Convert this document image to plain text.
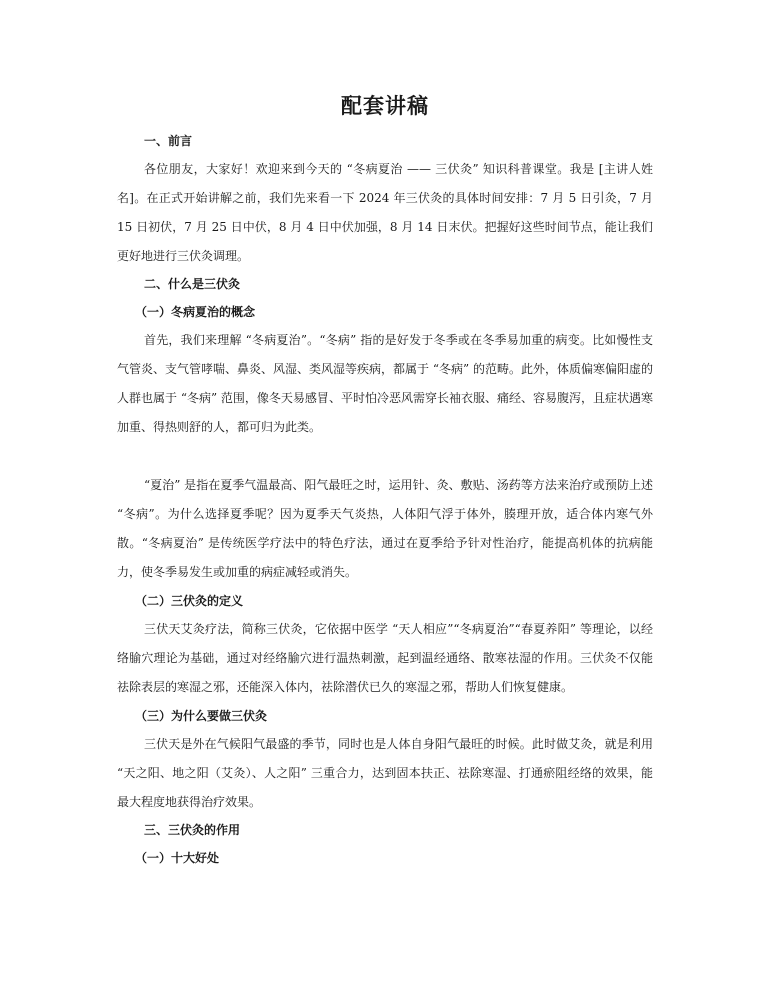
配套讲稿
一、前言

各位朋友，大家好！欢迎来到今天的 “冬病夏治 —— 三伏灸” 知识科普课堂。我是 [主讲人姓名]。在正式开始讲解之前，我们先来看一下 2024 年三伏灸的具体时间安排：7 月 5 日引灸，7 月 15 日初伏，7 月 25 日中伏，8 月 4 日中伏加强，8 月 14 日末伏。把握好这些时间节点，能让我们更好地进行三伏灸调理。

二、什么是三伏灸
（一）冬病夏治的概念

首先，我们来理解 “冬病夏治”。“冬病” 指的是好发于冬季或在冬季易加重的病变。比如慢性支气管炎、支气管哮喘、鼻炎、风湿、类风湿等疾病，都属于 “冬病” 的范畴。此外，体质偏寒偏阳虚的人群也属于 “冬病” 范围，像冬天易感冒、平时怕冷恶风需穿长袖衣服、痛经、容易腹泻，且症状遇寒加重、得热则舒的人，都可归为此类。

“夏治” 是指在夏季气温最高、阳气最旺之时，运用针、灸、敷贴、汤药等方法来治疗或预防上述 “冬病”。为什么选择夏季呢？因为夏季天气炎热，人体阳气浮于体外，腠理开放，适合体内寒气外散。“冬病夏治” 是传统医学疗法中的特色疗法，通过在夏季给予针对性治疗，能提高机体的抗病能力，使冬季易发生或加重的病症减轻或消失。

（二）三伏灸的定义

三伏天艾灸疗法，简称三伏灸，它依据中医学 “天人相应”“冬病夏治”“春夏养阳” 等理论，以经络腧穴理论为基础，通过对经络腧穴进行温热刺激，起到温经通络、散寒祛湿的作用。三伏灸不仅能祛除表层的寒湿之邪，还能深入体内，祛除潜伏已久的寒湿之邪，帮助人们恢复健康。

（三）为什么要做三伏灸

三伏天是外在气候阳气最盛的季节，同时也是人体自身阳气最旺的时候。此时做艾灸，就是利用 “天之阳、地之阳（艾灸）、人之阳” 三重合力，达到固本扶正、祛除寒湿、打通瘀阻经络的效果，能最大程度地获得治疗效果。

三、三伏灸的作用
（一）十大好处
